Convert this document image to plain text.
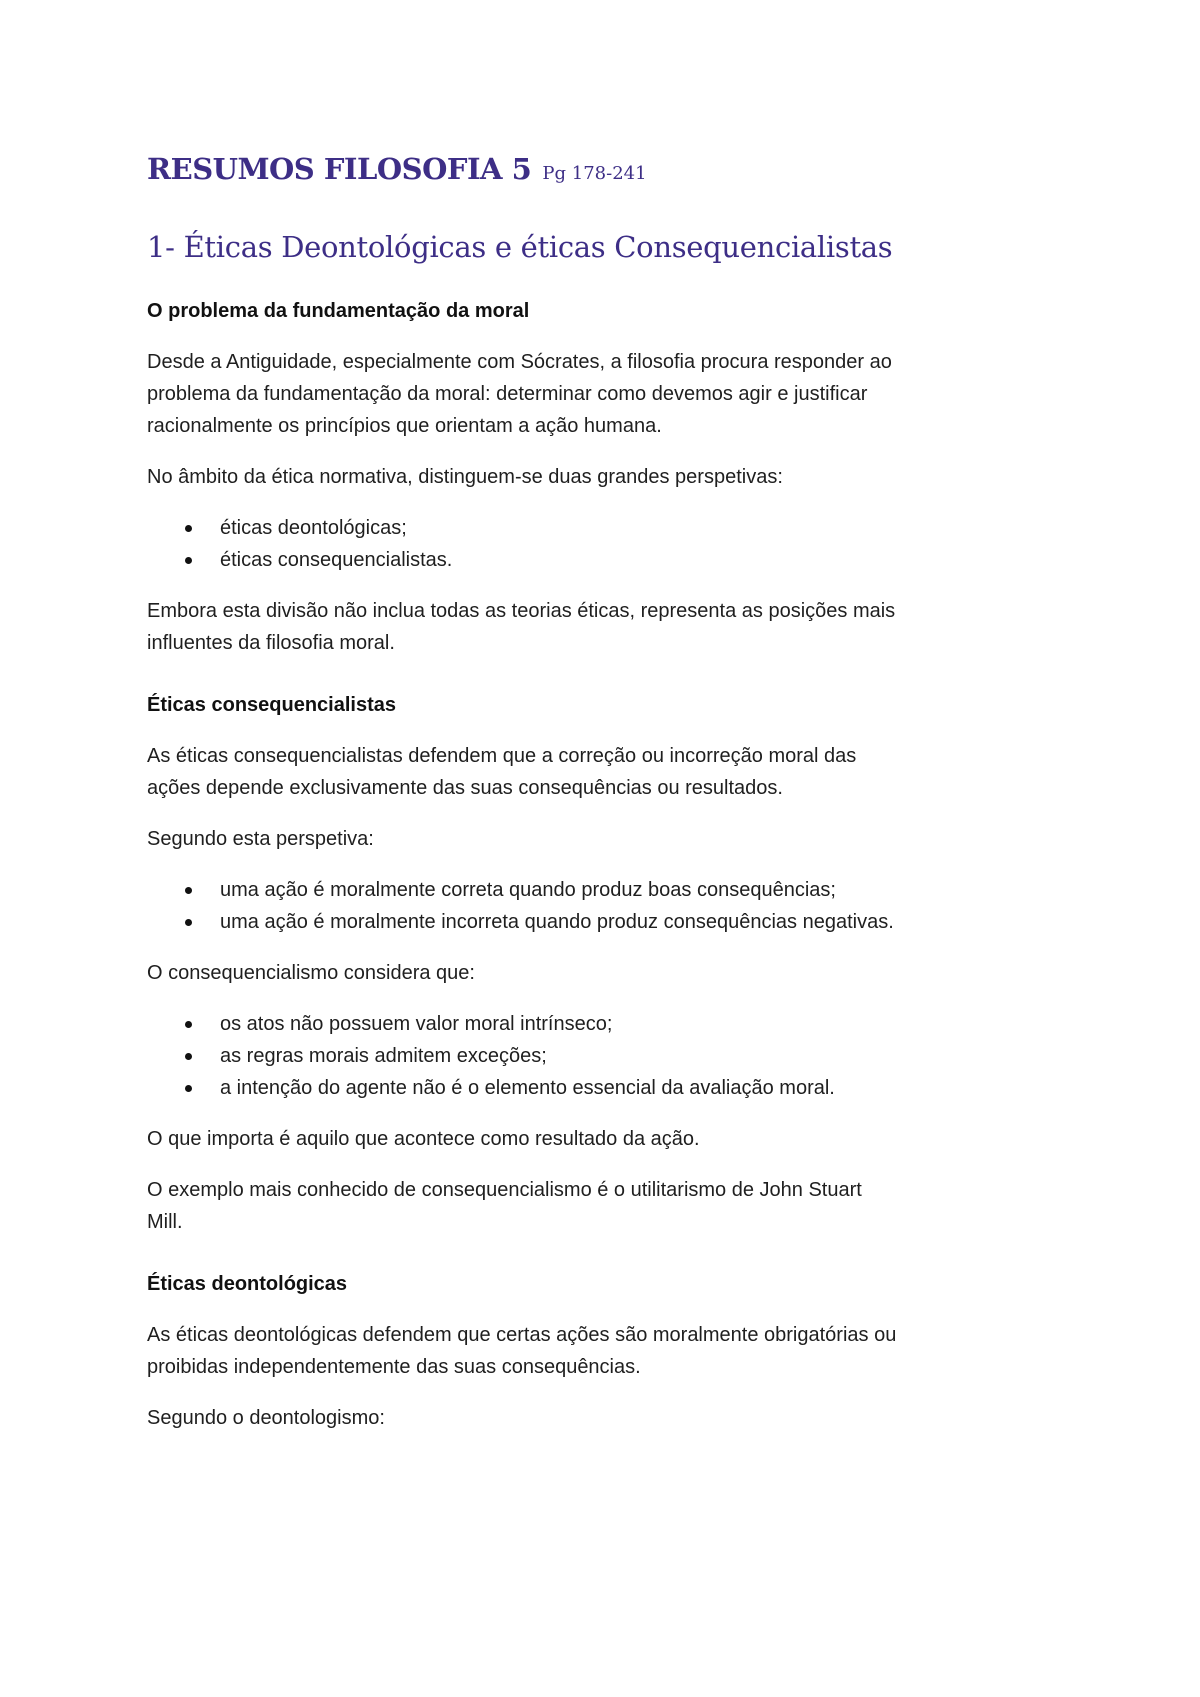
RESUMOS FILOSOFIA 5 Pg 178-241
1- Éticas Deontológicas e éticas Consequencialistas
O problema da fundamentação da moral
Desde a Antiguidade, especialmente com Sócrates, a filosofia procura responder ao
problema da fundamentação da moral: determinar como devemos agir e justificar
racionalmente os princípios que orientam a ação humana.
No âmbito da ética normativa, distinguem-se duas grandes perspetivas:
éticas deontológicas;
éticas consequencialistas.
Embora esta divisão não inclua todas as teorias éticas, representa as posições mais
influentes da filosofia moral.
Éticas consequencialistas
As éticas consequencialistas defendem que a correção ou incorreção moral das
ações depende exclusivamente das suas consequências ou resultados.
Segundo esta perspetiva:
uma ação é moralmente correta quando produz boas consequências;
uma ação é moralmente incorreta quando produz consequências negativas.
O consequencialismo considera que:
os atos não possuem valor moral intrínseco;
as regras morais admitem exceções;
a intenção do agente não é o elemento essencial da avaliação moral.
O que importa é aquilo que acontece como resultado da ação.
O exemplo mais conhecido de consequencialismo é o utilitarismo de John Stuart
Mill.
Éticas deontológicas
As éticas deontológicas defendem que certas ações são moralmente obrigatórias ou
proibidas independentemente das suas consequências.
Segundo o deontologismo:
